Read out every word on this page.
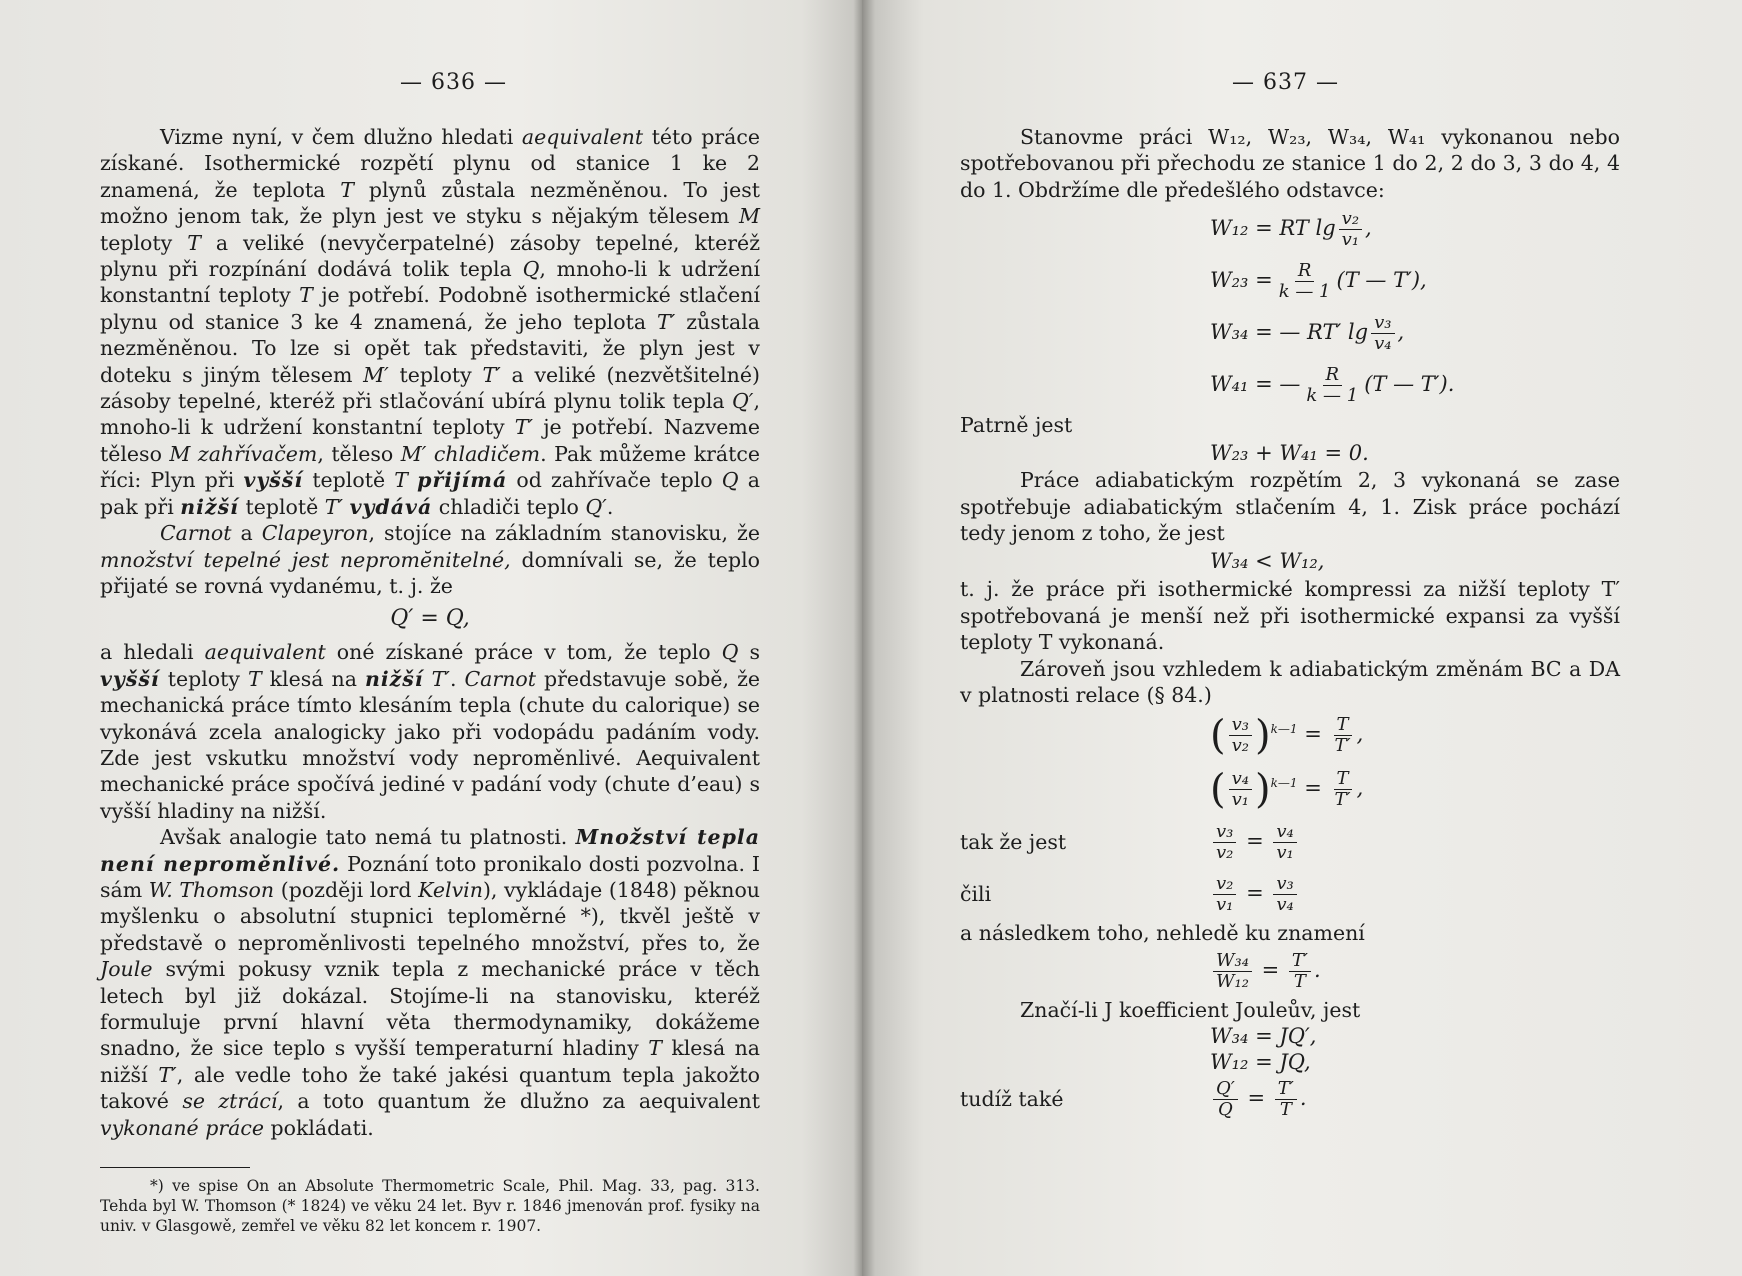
— 636 —

Vizme nyní, v čem dlužno hledati aequivalent této práce získané. Isothermické rozpětí plynu od stanice 1 ke 2 znamená, že teplota T plynů zůstala nezměněnou. To jest možno jenom tak, že plyn jest ve styku s nějakým tělesem M teploty T a veliké (nevyčerpatelné) zásoby tepelné, kteréž plynu při rozpínání dodává tolik tepla Q, mnoho-li k udržení konstantní teploty T je potřebí. Podobně isothermické stlačení plynu od stanice 3 ke 4 znamená, že jeho teplota T′ zůstala nezměněnou. To lze si opět tak představiti, že plyn jest v doteku s jiným tělesem M′ teploty T′ a veliké (nezvětšitelné) zásoby tepelné, kteréž při stlačování ubírá plynu tolik tepla Q′, mnoho-li k udržení konstantní teploty T′ je potřebí. Nazveme těleso M zahřívačem, těleso M′ chladičem. Pak můžeme krátce říci: Plyn při vyšší teplotě T přijímá od zahřívače teplo Q a pak při nižší teplotě T′ vydává chladiči teplo Q′.

Carnot a Clapeyron, stojíce na základním stanovisku, že množství tepelné jest nepromĕnitelné, domnívali se, že teplo přijaté se rovná vydanému, t. j. že

Q′ = Q,

a hledali aequivalent oné získané práce v tom, že teplo Q s vyšší teploty T klesá na nižší T′. Carnot představuje sobě, že mechanická práce tímto klesáním tepla (chute du calorique) se vykonává zcela analogicky jako při vodopádu padáním vody. Zde jest vskutku množství vody neproměnlivé. Aequivalent mechanické práce spočívá jediné v padání vody (chute d’eau) s vyšší hladiny na nižší.

Avšak analogie tato nemá tu platnosti. Množství tepla není neproměnlivé. Poznání toto pronikalo dosti pozvolna. I sám W. Thomson (později lord Kelvin), vykládaje (1848) pěknou myšlenku o absolutní stupnici teploměrné *), tkvěl ještě v představě o neproměnlivosti tepelného množství, přes to, že Joule svými pokusy vznik tepla z mechanické práce v těch letech byl již dokázal. Stojíme-li na stanovisku, kteréž formuluje první hlavní věta thermodynamiky, dokážeme snadno, že sice teplo s vyšší temperaturní hladiny T klesá na nižší T′, ale vedle toho že také jakési quantum tepla jakožto takové se ztrácí, a toto quantum že dlužno za aequivalent vykonané práce pokládati.

*) ve spise On an Absolute Thermometric Scale, Phil. Mag. 33, pag. 313. Tehda byl W. Thomson (* 1824) ve věku 24 let. Byv r. 1846 jmenován prof. fysiky na univ. v Glasgowě, zemřel ve věku 82 let koncem r. 1907.

— 637 —

Stanovme práci W₁₂, W₂₃, W₃₄, W₄₁ vykonanou nebo spotřebovanou při přechodu ze stanice 1 do 2, 2 do 3, 3 do 4, 4 do 1. Obdržíme dle předešlého odstavce:

W₁₂ = RT $\lg \frac{\text{v₂}}{\text{v₁}}$ ,
$W_{23} = \frac{R}{k — 1} (T$ — T′),
W₃₄ = — RT′ $\lg \frac{\text{v₃}}{\text{v₄}}$ ,
W₄₁ = — $\frac{R}{k — 1} (T$ — T′).
Patrně jest
W₂₃ + W₄₁ = 0.

Práce adiabatickým rozpětím 2, 3 vykonaná se zase spotřebuje adiabatickým stlačením 4, 1. Zisk práce pochází tedy jenom z toho, že jest

W₃₄ < W₁₂,

t. j. že práce při isothermické kompressi za nižší teploty T′ spotřebovaná je menší než při isothermické expansi za vyšší teploty T vykonaná.

Zároveň jsou vzhledem k adiabatickým změnám BC a DA v platnosti relace (§ 84.)

( $\frac{\text{v₃}}{\text{v₂}} )^{k—1} = \frac{T}{T'}$ ,
( $\frac{\text{v₄}}{\text{v₁}} )^{k—1} = \frac{T}{T'}$ ,
tak že jest	$\frac{\text{v₃}}{\text{v₂}} = \frac{\text{v₄}}{\text{v₁}}$
čili	$\frac{\text{v₂}}{\text{v₁}} = \frac{\text{v₃}}{\text{v₄}}$

a následkem toho, nehledě ku znamení

$\frac{\text{W₃₄}}{\text{W₁₂}} = \frac{T'}{T}$ .

Značí-li J koefficient Jouleův, jest

W₃₄ = JQ′,
W₁₂ = JQ,
tudíž také	$\frac{Q'}{Q} = \frac{T'}{T}$ .
